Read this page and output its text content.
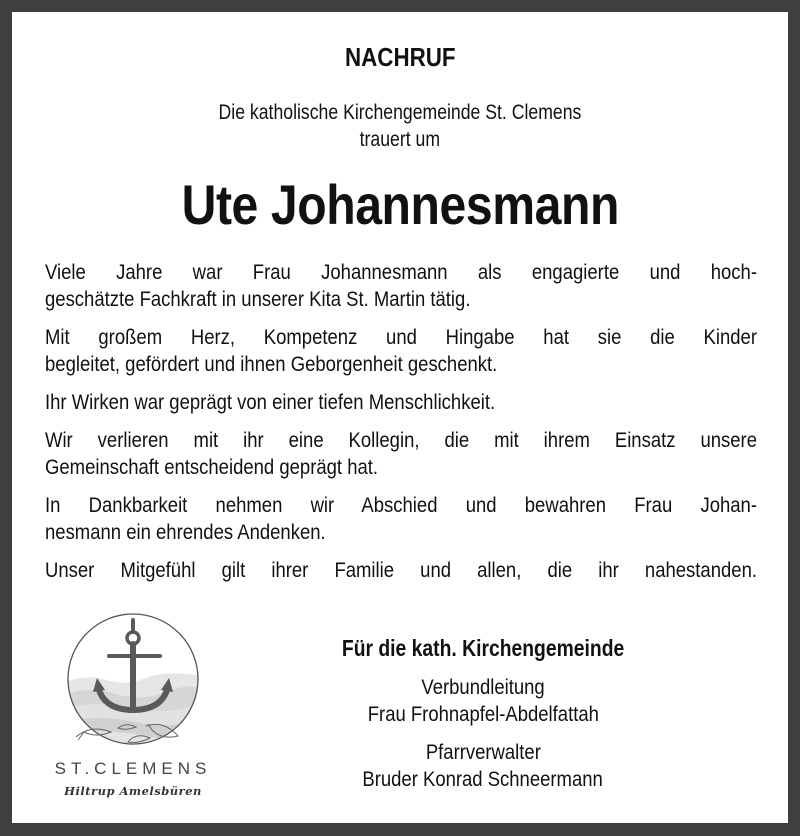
NACHRUF
Die katholische Kirchengemeinde St. Clemens
trauert um
Ute Johannesmann
Viele Jahre war Frau Johannesmann als engagierte und hoch-
geschätzte Fachkraft in unserer Kita St. Martin tätig.
Mit großem Herz, Kompetenz und Hingabe hat sie die Kinder
begleitet, gefördert und ihnen Geborgenheit geschenkt.
Ihr Wirken war geprägt von einer tiefen Menschlichkeit.
Wir verlieren mit ihr eine Kollegin, die mit ihrem Einsatz unsere
Gemeinschaft entscheidend geprägt hat.
In Dankbarkeit nehmen wir Abschied und bewahren Frau Johan-
nesmann ein ehrendes Andenken.
Unser Mitgefühl gilt ihrer Familie und allen, die ihr nahestanden.
ST.CLEMENS
Hiltrup Amelsbüren
Für die kath. Kirchengemeinde
Verbundleitung
Frau Frohnapfel-Abdelfattah
Pfarrverwalter
Bruder Konrad Schneermann
